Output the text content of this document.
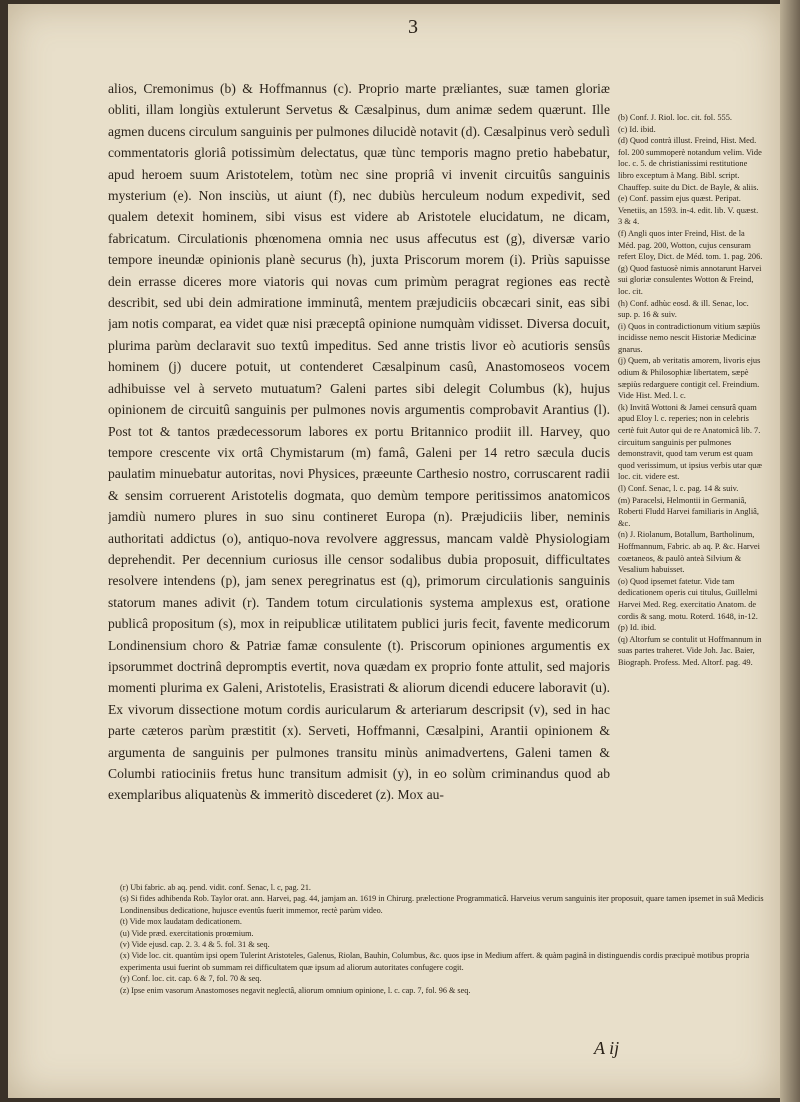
3

alios, Cremonimus (b) & Hoffmannus (c). Proprio marte præliantes, suæ tamen gloriæ obliti, illam longiùs extulerunt Servetus & Cæsalpinus, dum animæ sedem quærunt. Ille agmen ducens circulum sanguinis per pulmones dilucidè notavit (d). Cæsalpinus verò sedulì commentatoris gloriâ potissimùm delectatus, quæ tùnc temporis magno pretio habebatur, apud heroem suum Aristotelem, totùm nec sine propriâ vi invenit circuitûs sanguinis mysterium (e). Non insciùs, ut aiunt (f), nec dubiùs herculeum nodum expedivit, sed qualem detexit hominem, sibi visus est videre ab Aristotele elucidatum, ne dicam, fabricatum. Circulationis phœnomena omnia nec usus affecutus est (g), diversæ vario tempore ineundæ opinionis planè securus (h), juxta Priscorum morem (i). Priùs sapuisse dein errasse diceres more viatoris qui novas cum primùm peragrat regiones eas rectè describit, sed ubi dein admiratione imminutâ, mentem præjudiciis obcæcari sinit, eas sibi jam notis comparat, ea videt quæ nisi præceptâ opinione numquàm vidisset. Diversa docuit, plurima parùm declaravit suo textû impeditus. Sed anne tristis livor eò acutioris sensûs hominem (j) ducere potuit, ut contenderet Cæsalpinum casû, Anastomoseos vocem adhibuisse vel à serveto mutuatum? Galeni partes sibi delegit Columbus (k), hujus opinionem de circuitû sanguinis per pulmones novis argumentis comprobavit Arantius (l). Post tot & tantos prædecessorum labores ex portu Britannico prodiit ill. Harvey, quo tempore crescente vix ortâ Chymistarum (m) famâ, Galeni per 14 retro sæcula ducis paulatim minuebatur autoritas, novi Physices, præeunte Carthesio nostro, corruscarent radii & sensim corruerent Aristotelis dogmata, quo demùm tempore peritissimos anatomicos jamdiù numero plures in suo sinu contineret Europa (n). Præjudiciis liber, neminis authoritati addictus (o), antiquo-nova revolvere aggressus, mancam valdè Physiologiam deprehendit. Per decennium curiosus ille censor sodalibus dubia proposuit, difficultates resolvere intendens (p), jam senex peregrinatus est (q), primorum circulationis sanguinis statorum manes adivit (r). Tandem totum circulationis systema amplexus est, oratione publicâ propositum (s), mox in reipublicæ utilitatem publici juris fecit, favente medicorum Londinensium choro & Patriæ famæ consulente (t). Priscorum opiniones argumentis ex ipsorummet doctrinâ depromptis evertit, nova quædam ex proprio fonte attulit, sed majoris momenti plurima ex Galeni, Aristotelis, Erasistrati & aliorum dicendi educere laboravit (u). Ex vivorum dissectione motum cordis auricularum & arteriarum descripsit (v), sed in hac parte cæteros parùm præstitit (x). Serveti, Hoffmanni, Cæsalpini, Arantii opinionem & argumenta de sanguinis per pulmones transitu minùs animadvertens, Galeni tamen & Columbi ratiociniis fretus hunc transitum admisit (y), in eo solùm criminandus quod ab exemplaribus aliquatenùs & immeritò discederet (z). Mox au-

(b) Conf. J. Riol. loc. cit. fol. 555.

(c) Id. ibid.

(d) Quod contrà illust. Freind, Hist. Med. fol. 200 summoperè notandum velim. Vide loc. c. 5. de christianissimi restitutione libro exceptum à Mang. Bibl. script. Chauffep. suite du Dict. de Bayle, & aliis.

(e) Conf. passim ejus quæst. Peripat. Venetiis, an 1593. in-4. edit. lib. V. quæst. 3 & 4.

(f) Angli quos inter Freind, Hist. de la Méd. pag. 200, Wotton, cujus censuram refert Eloy, Dict. de Méd. tom. 1. pag. 206.

(g) Quod fastuosè nimis annotarunt Harvei sui gloriæ consulentes Wotton & Freind, loc. cit.

(h) Conf. adhùc eosd. & ill. Senac, loc. sup. p. 16 & suiv.

(i) Quos in contradictionum vitium sæpiùs incidisse nemo nescit Historiæ Medicinæ gnarus.

(j) Quem, ab veritatis amorem, livoris ejus odium & Philosophiæ libertatem, sæpè sæpiùs redarguere contigit cel. Freindium. Vide Hist. Med. l. c.

(k) Invitâ Wottoni & Jamei censurâ quam apud Eloy l. c. reperies; non in celebris certè fuit Autor qui de re Anatomicâ lib. 7. circuitum sanguinis per pulmones demonstravit, quod tam verum est quam quod verissimum, ut ipsius verbis utar quæ loc. cit. videre est.

(l) Conf. Senac, l. c. pag. 14 & suiv.

(m) Paracelsi, Helmontii in Germaniâ, Roberti Fludd Harvei familiaris in Angliâ, &c.

(n) J. Riolanum, Botallum, Bartholinum, Hoffmannum, Fabric. ab aq. P. &c. Harvei coætaneos, & paulò anteà Silvium & Vesalium habuisset.

(o) Quod ipsemet fatetur. Vide tam dedicationem operis cui titulus, Guillelmi Harvei Med. Reg. exercitatio Anatom. de cordis & sang. motu. Roterd. 1648, in-12.

(p) Id. ibid.

(q) Altorfum se contulit ut Hoffmannum in suas partes traheret. Vide Joh. Jac. Baier, Biograph. Profess. Med. Altorf. pag. 49.

(r) Ubi fabric. ab aq. pend. vidit. conf. Senac, l. c, pag. 21.
(s) Si fides adhibenda Rob. Taylor orat. ann. Harvei, pag. 44, jamjam an. 1619 in Chirurg. prælectione Programmaticâ. Harveius verum sanguinis iter proposuit, quare tamen ipsemet in suâ Medicis Londinensibus dedicatione, hujusce eventûs fuerit immemor, rectè parùm video.
(t) Vide mox laudatam dedicationem.
(u) Vide præd. exercitationis proœmium.
(v) Vide ejusd. cap. 2. 3. 4 & 5. fol. 31 & seq.
(x) Vide loc. cit. quantùm ipsi opem Tulerint Aristoteles, Galenus, Riolan, Bauhin, Columbus, &c. quos ipse in Medium affert. & quàm paginâ in distinguendis cordis præcipuè motibus propria experimenta usui fuerint ob summam rei difficultatem quæ ipsum ad aliorum autoritates confugere cogit.
(y) Conf. loc. cit. cap. 6 & 7, fol. 70 & seq.
(z) Ipse enim vasorum Anastomoses negavit neglectâ, aliorum omnium opinione, l. c. cap. 7, fol. 96 & seq.
A ij
